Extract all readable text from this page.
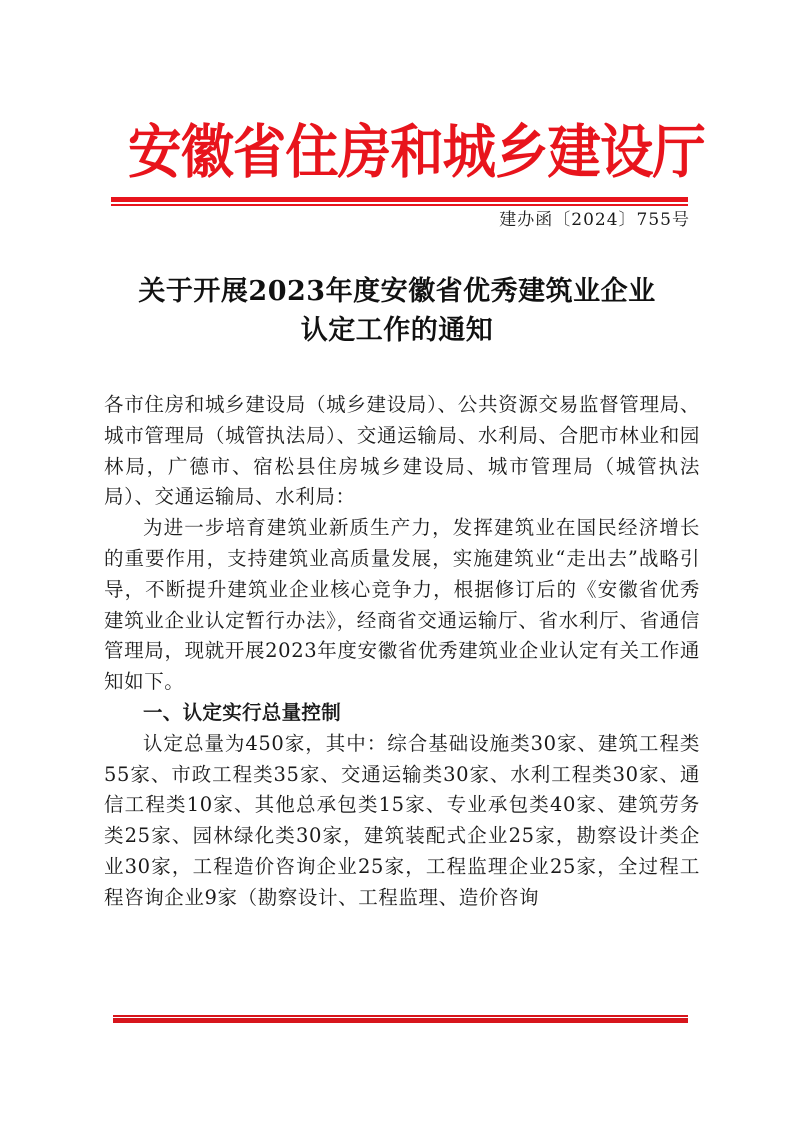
安徽省住房和城乡建设厅
建办函〔2024〕755号
关于开展2023年度安徽省优秀建筑业企业
认定工作的通知

各市住房和城乡建设局（城乡建设局）、公共资源交易监督管理局、城市管理局（城管执法局）、交通运输局、水利局、合肥市林业和园林局，广德市、宿松县住房城乡建设局、城市管理局（城管执法局）、交通运输局、水利局：

为进一步培育建筑业新质生产力，发挥建筑业在国民经济增长的重要作用，支持建筑业高质量发展，实施建筑业“走出去”战略引导，不断提升建筑业企业核心竞争力，根据修订后的《安徽省优秀建筑业企业认定暂行办法》，经商省交通运输厅、省水利厅、省通信管理局，现就开展2023年度安徽省优秀建筑业企业认定有关工作通知如下。

一、认定实行总量控制

认定总量为450家，其中：综合基础设施类30家、建筑工程类55家、市政工程类35家、交通运输类30家、水利工程类30家、通信工程类10家、其他总承包类15家、专业承包类40家、建筑劳务类25家、园林绿化类30家，建筑装配式企业25家，勘察设计类企业30家，工程造价咨询企业25家，工程监理企业25家，全过程工程咨询企业9家（勘察设计、工程监理、造价咨询
